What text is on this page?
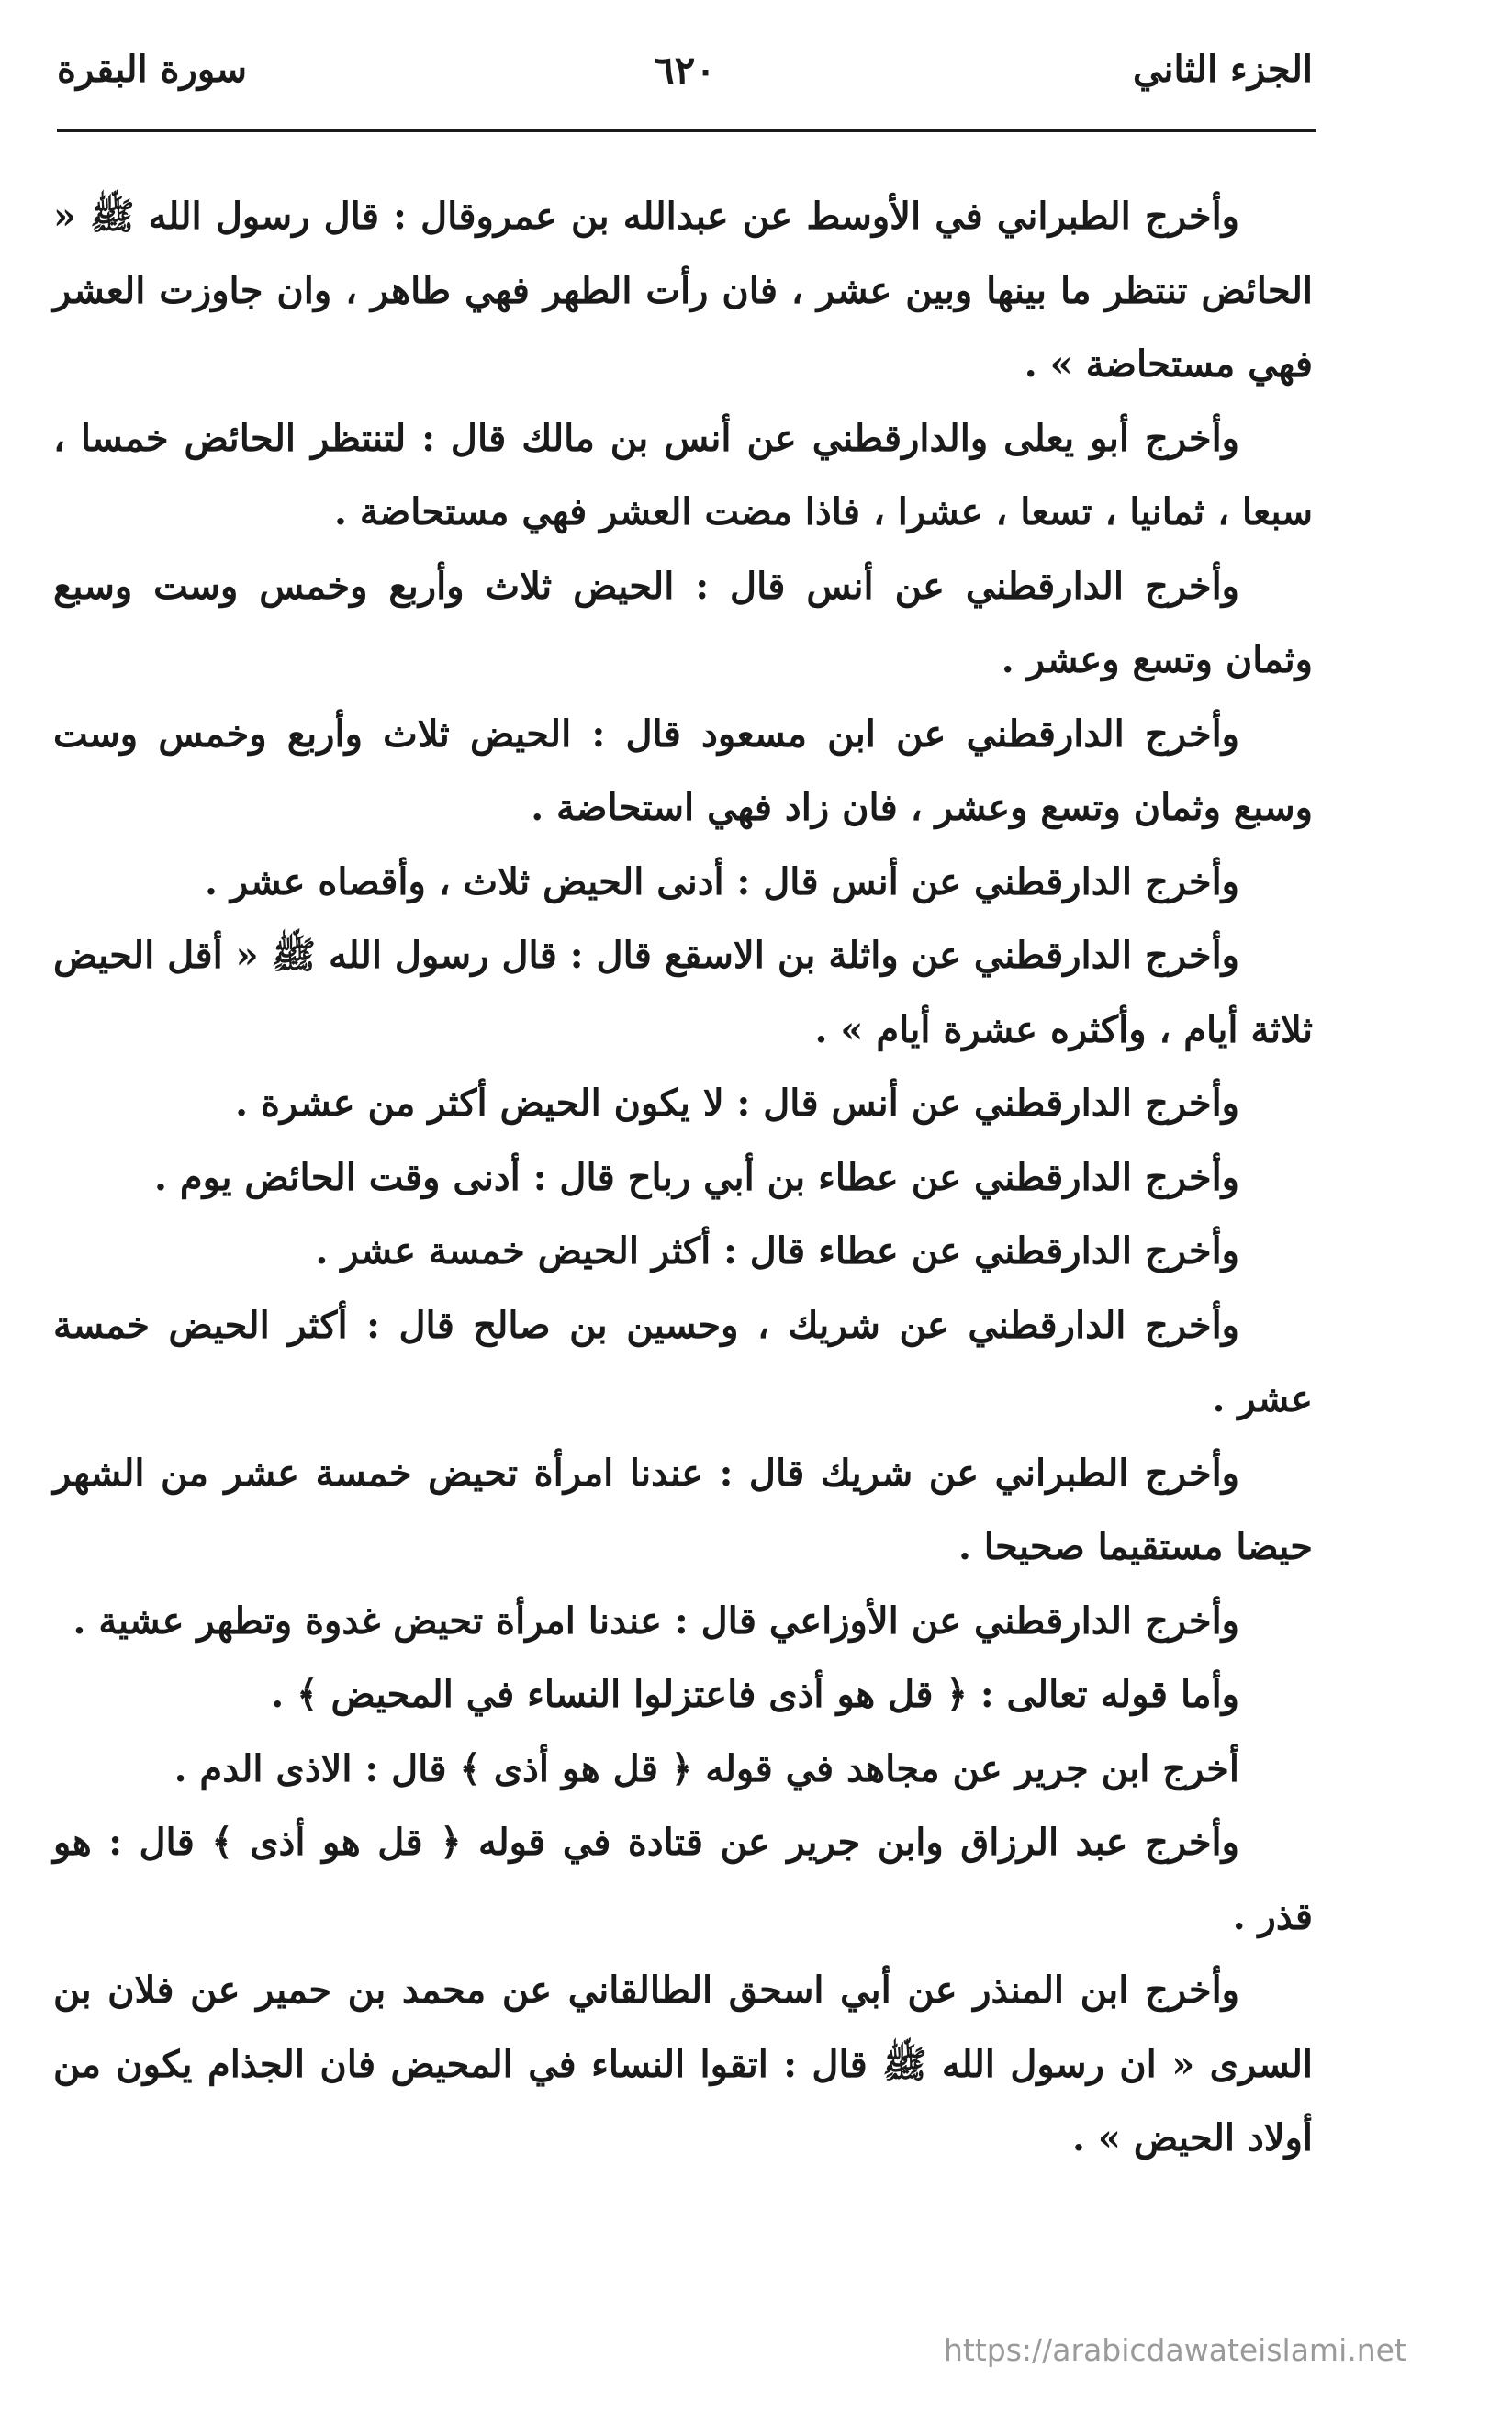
الجزء الثاني
٦٢٠
سورة البقرة

وأخرج الطبراني في الأوسط عن عبدالله بن عمروقال : قال رسول الله ﷺ « الحائض تنتظر ما بينها وبين عشر ، فان رأت الطهر فهي طاهر ، وان جاوزت العشر فهي مستحاضة » .

وأخرج أبو يعلى والدارقطني عن أنس بن مالك قال : لتنتظر الحائض خمسا ، سبعا ، ثمانيا ، تسعا ، عشرا ، فاذا مضت العشر فهي مستحاضة .

وأخرج الدارقطني عن أنس قال : الحيض ثلاث وأربع وخمس وست وسبع وثمان وتسع وعشر .

وأخرج الدارقطني عن ابن مسعود قال : الحيض ثلاث وأربع وخمس وست وسبع وثمان وتسع وعشر ، فان زاد فهي استحاضة .

وأخرج الدارقطني عن أنس قال : أدنى الحيض ثلاث ، وأقصاه عشر .

وأخرج الدارقطني عن واثلة بن الاسقع قال : قال رسول الله ﷺ « أقل الحيض ثلاثة أيام ، وأكثره عشرة أيام » .

وأخرج الدارقطني عن أنس قال : لا يكون الحيض أكثر من عشرة .

وأخرج الدارقطني عن عطاء بن أبي رباح قال : أدنى وقت الحائض يوم .

وأخرج الدارقطني عن عطاء قال : أكثر الحيض خمسة عشر .

وأخرج الدارقطني عن شريك ، وحسين بن صالح قال : أكثر الحيض خمسة عشر .

وأخرج الطبراني عن شريك قال : عندنا امرأة تحيض خمسة عشر من الشهر حيضا مستقيما صحيحا .

وأخرج الدارقطني عن الأوزاعي قال : عندنا امرأة تحيض غدوة وتطهر عشية .

وأما قوله تعالى : ﴿ قل هو أذى فاعتزلوا النساء في المحيض ﴾ .

أخرج ابن جرير عن مجاهد في قوله ﴿ قل هو أذى ﴾ قال : الاذى الدم .

وأخرج عبد الرزاق وابن جرير عن قتادة في قوله ﴿ قل هو أذى ﴾ قال : هو قذر .

وأخرج ابن المنذر عن أبي اسحق الطالقاني عن محمد بن حمير عن فلان بن السرى « ان رسول الله ﷺ قال : اتقوا النساء في المحيض فان الجذام يكون من أولاد الحيض » .

https://arabicdawateislami.net
